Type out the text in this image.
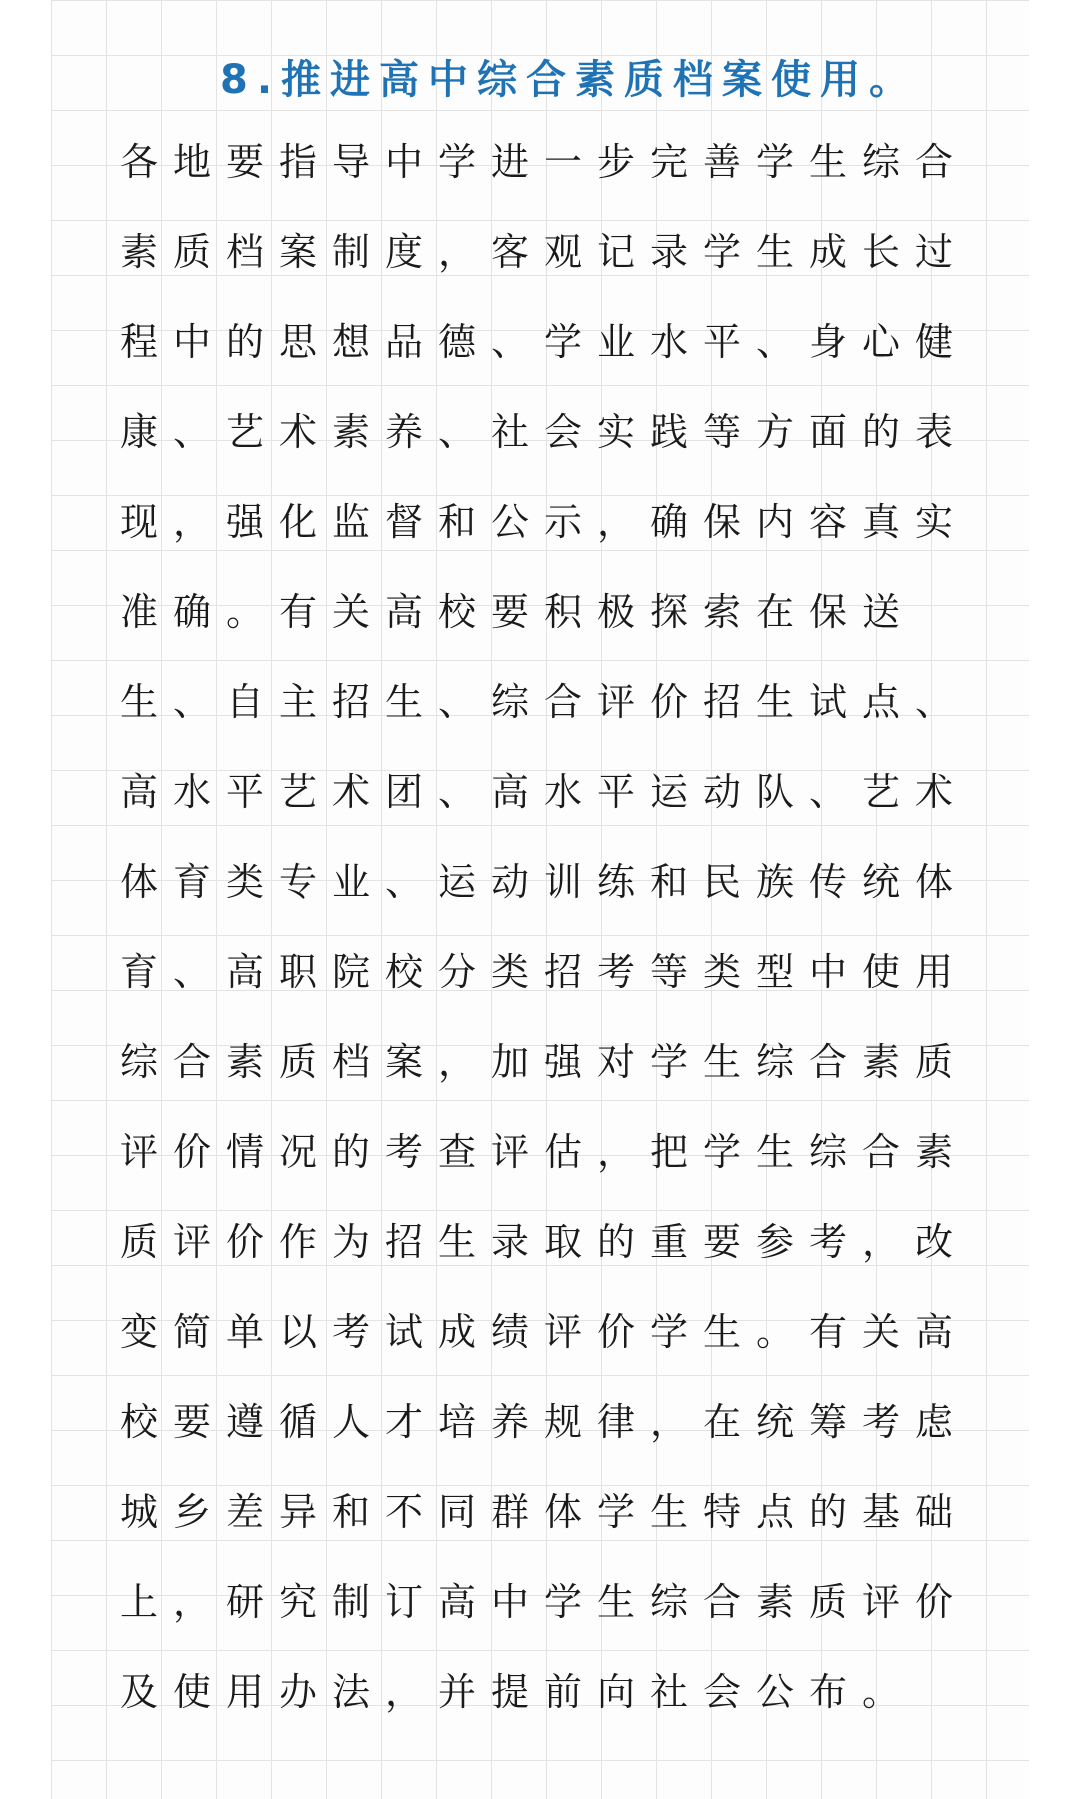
8.推进高中综合素质档案使用。
各地要指导中学进一步完善学生综合
素质档案制度，客观记录学生成长过
程中的思想品德、学业水平、身心健
康、艺术素养、社会实践等方面的表
现，强化监督和公示，确保内容真实
准确。有关高校要积极探索在保送
生、自主招生、综合评价招生试点、
高水平艺术团、高水平运动队、艺术
体育类专业、运动训练和民族传统体
育、高职院校分类招考等类型中使用
综合素质档案，加强对学生综合素质
评价情况的考查评估，把学生综合素
质评价作为招生录取的重要参考，改
变简单以考试成绩评价学生。有关高
校要遵循人才培养规律，在统筹考虑
城乡差异和不同群体学生特点的基础
上，研究制订高中学生综合素质评价
及使用办法，并提前向社会公布。
